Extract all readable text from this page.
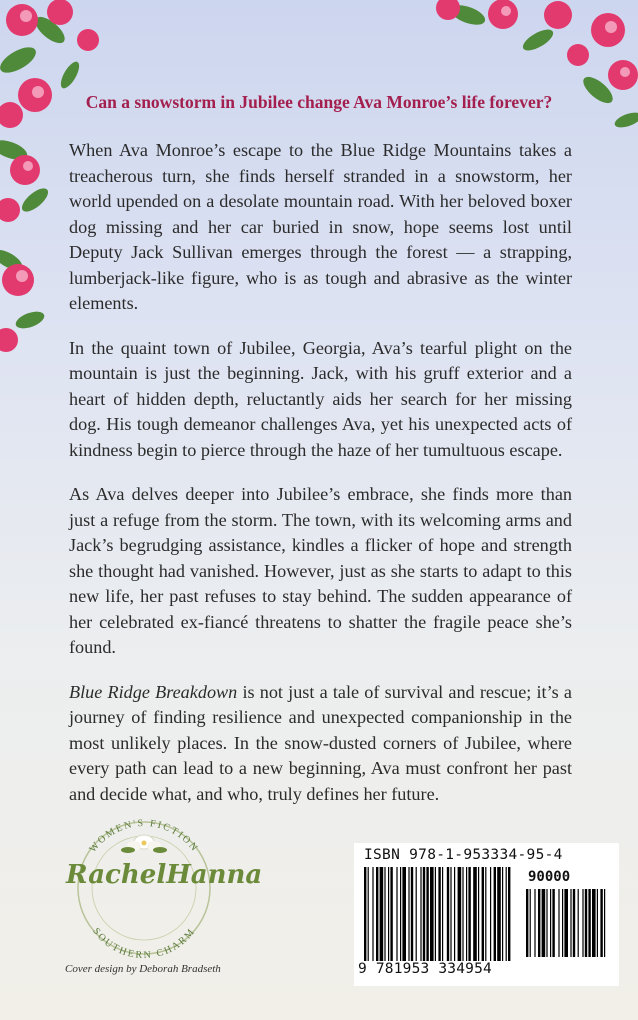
Can a snowstorm in Jubilee change Ava Monroe’s life forever?

When Ava Monroe’s escape to the Blue Ridge Mountains takes a treacherous turn, she finds herself stranded in a snowstorm, her world upended on a desolate mountain road. With her beloved boxer dog missing and her car buried in snow, hope seems lost until Deputy Jack Sullivan emerges through the forest — a strapping, lumberjack-like figure, who is as tough and abrasive as the winter elements.

In the quaint town of Jubilee, Georgia, Ava’s tearful plight on the mountain is just the beginning. Jack, with his gruff exterior and a heart of hidden depth, reluctantly aids her search for her missing dog. His tough demeanor challenges Ava, yet his unexpected acts of kindness begin to pierce through the haze of her tumultuous escape.

As Ava delves deeper into Jubilee’s embrace, she finds more than just a refuge from the storm. The town, with its welcoming arms and Jack’s begrudging assistance, kindles a flicker of hope and strength she thought had vanished. However, just as she starts to adapt to this new life, her past refuses to stay behind. The sudden appearance of her celebrated ex-fiancé threatens to shatter the fragile peace she’s found.

Blue Ridge Breakdown is not just a tale of survival and rescue; it’s a journey of finding resilience and unexpected companionship in the most unlikely places. In the snow-dusted corners of Jubilee, where every path can lead to a new beginning, Ava must confront her past and decide what, and who, truly defines her future.

WOMEN'S FICTION
SOUTHERN CHARM
RachelHanna
Cover design by Deborah Bradseth
ISBN 978-1-953334-95-4
90000
9 781953 334954
